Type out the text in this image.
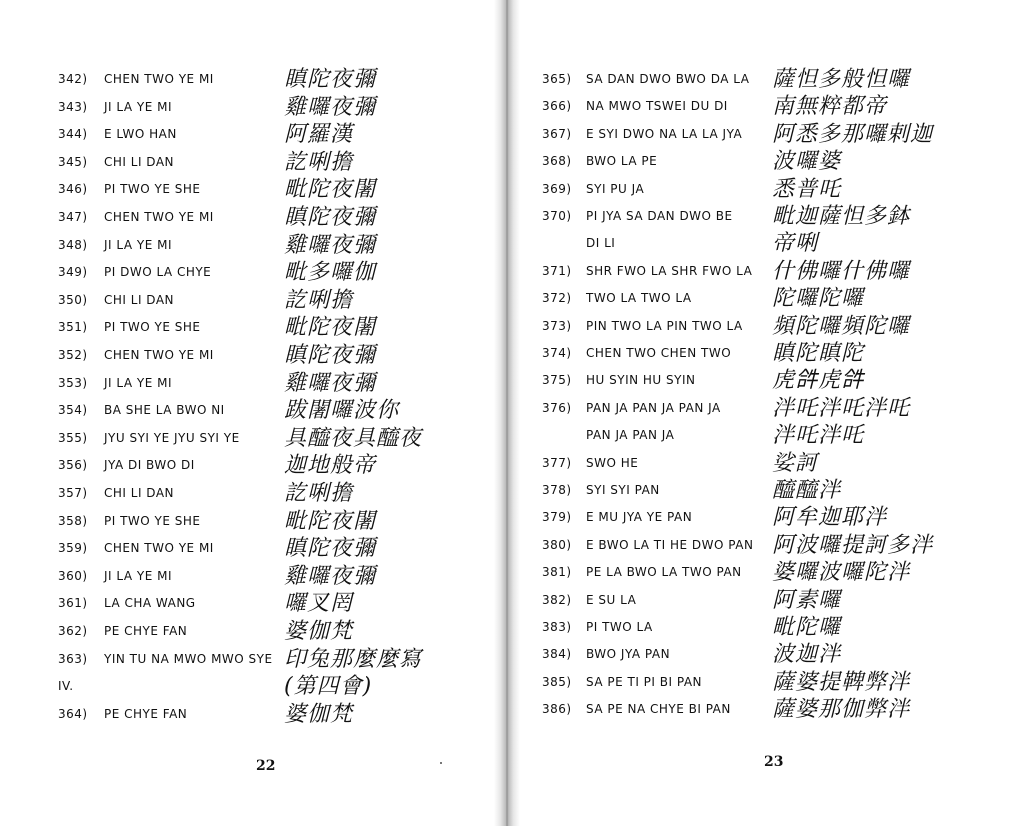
342) CHEN TWO YE MI	瞋陀夜彌
343) JI LA YE MI	雞囉夜彌
344) E LWO HAN	阿羅漢
345) CHI LI DAN	訖唎擔
346) PI TWO YE SHE	毗陀夜闍
347) CHEN TWO YE MI	瞋陀夜彌
348) JI LA YE MI	雞囉夜彌
349) PI DWO LA CHYE	毗多囉伽
350) CHI LI DAN	訖唎擔
351) PI TWO YE SHE	毗陀夜闍
352) CHEN TWO YE MI	瞋陀夜彌
353) JI LA YE MI	雞囉夜彌
354) BA SHE LA BWO NI	跋闍囉波你
355) JYU SYI YE JYU SYI YE 具醯夜具醯夜
356) JYA DI BWO DI	迦地般帝
357) CHI LI DAN	訖唎擔
358) PI TWO YE SHE	毗陀夜闍
359) CHEN TWO YE MI	瞋陀夜彌
360) JI LA YE MI	雞囉夜彌
361) LA CHA WANG	囉叉罔
362) PE CHYE FAN	婆伽梵
363) YIN TU NA MWO MWO SYE 印兔那麼麼寫
IV.	(第四會)
364) PE CHYE FAN	婆伽梵
365) SA DAN DWO BWO DA LA 薩怛多般怛囉
366) NA MWO TSWEI DU DI 南無粹都帝
367) E SYI DWO NA LA LA JYA 阿悉多那囉剌迦
368) BWO LA PE	波囉婆
369) SYI PU JA	悉普吒
370) PI JYA SA DAN DWO BE 毗迦薩怛多鉢
DI LI	帝唎
371) SHR FWO LA SHR FWO LA 什佛囉什佛囉
372) TWO LA TWO LA	陀囉陀囉
373) PIN TWO LA PIN TWO LA 頻陀囉頻陀囉
374) CHEN TWO CHEN TWO 瞋陀瞋陀
375) HU SYIN HU SYIN	虎𤙖虎𤙖
376) PAN JA PAN JA PAN JA 泮吒泮吒泮吒
PAN JA PAN JA	泮吒泮吒
377) SWO HE	娑訶
378) SYI SYI PAN	醯醯泮
379) E MU JYA YE PAN	阿牟迦耶泮
380) E BWO LA TI HE DWO PAN 阿波囉提訶多泮
381) PE LA BWO LA TWO PAN 婆囉波囉陀泮
382) E SU LA	阿素囉
383) PI TWO LA	毗陀囉
384) BWO JYA PAN	波迦泮
385) SA PE TI PI BI PAN	薩婆提鞞弊泮
386) SA PE NA CHYE BI PAN 薩婆那伽弊泮
22	23
